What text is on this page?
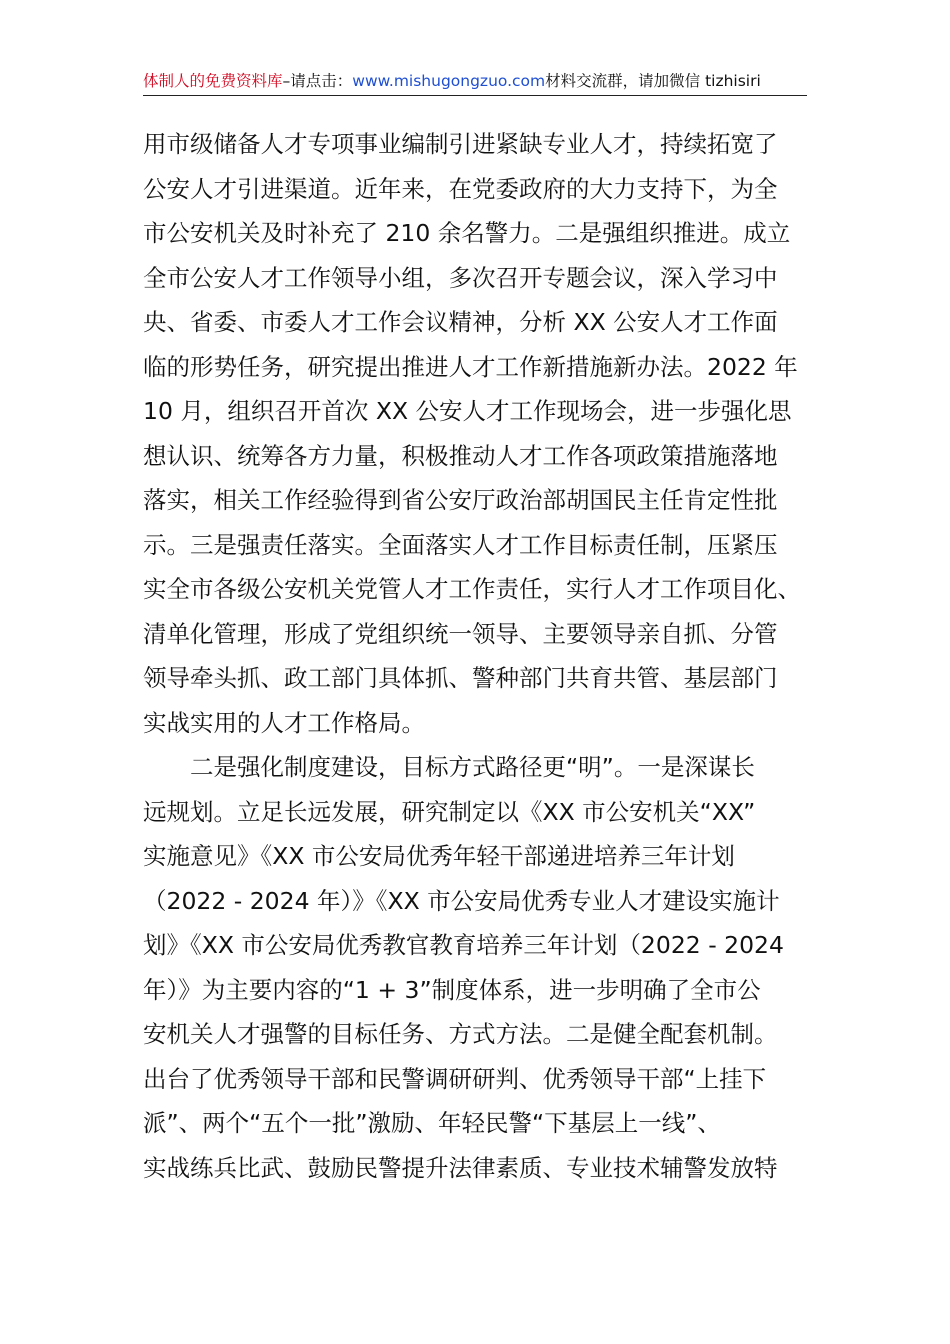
体制人的免费资料库–请点击：www.mishugongzuo.com材料交流群，请加微信 tizhisiri
用市级储备人才专项事业编制引进紧缺专业人才，持续拓宽了
公安人才引进渠道。近年来，在党委政府的大力支持下，为全
市公安机关及时补充了 210 余名警力。二是强组织推进。成立
全市公安人才工作领导小组，多次召开专题会议，深入学习中
央、省委、市委人才工作会议精神，分析 XX 公安人才工作面
临的形势任务，研究提出推进人才工作新措施新办法。2022 年
10 月，组织召开首次 XX 公安人才工作现场会，进一步强化思
想认识、统筹各方力量，积极推动人才工作各项政策措施落地
落实，相关工作经验得到省公安厅政治部胡国民主任肯定性批
示。三是强责任落实。全面落实人才工作目标责任制，压紧压
实全市各级公安机关党管人才工作责任，实行人才工作项目化、
清单化管理，形成了党组织统一领导、主要领导亲自抓、分管
领导牵头抓、政工部门具体抓、警种部门共育共管、基层部门
实战实用的人才工作格局。
　　二是强化制度建设，目标方式路径更“明”。一是深谋长
远规划。立足长远发展，研究制定以《XX 市公安机关“XX”
实施意见》《XX 市公安局优秀年轻干部递进培养三年计划
（2022 - 2024 年）》《XX 市公安局优秀专业人才建设实施计
划》《XX 市公安局优秀教官教育培养三年计划（2022 - 2024
年）》为主要内容的“1 + 3”制度体系，进一步明确了全市公
安机关人才强警的目标任务、方式方法。二是健全配套机制。
出台了优秀领导干部和民警调研研判、优秀领导干部“上挂下
派”、两个“五个一批”激励、年轻民警“下基层上一线”、
实战练兵比武、鼓励民警提升法律素质、专业技术辅警发放特
